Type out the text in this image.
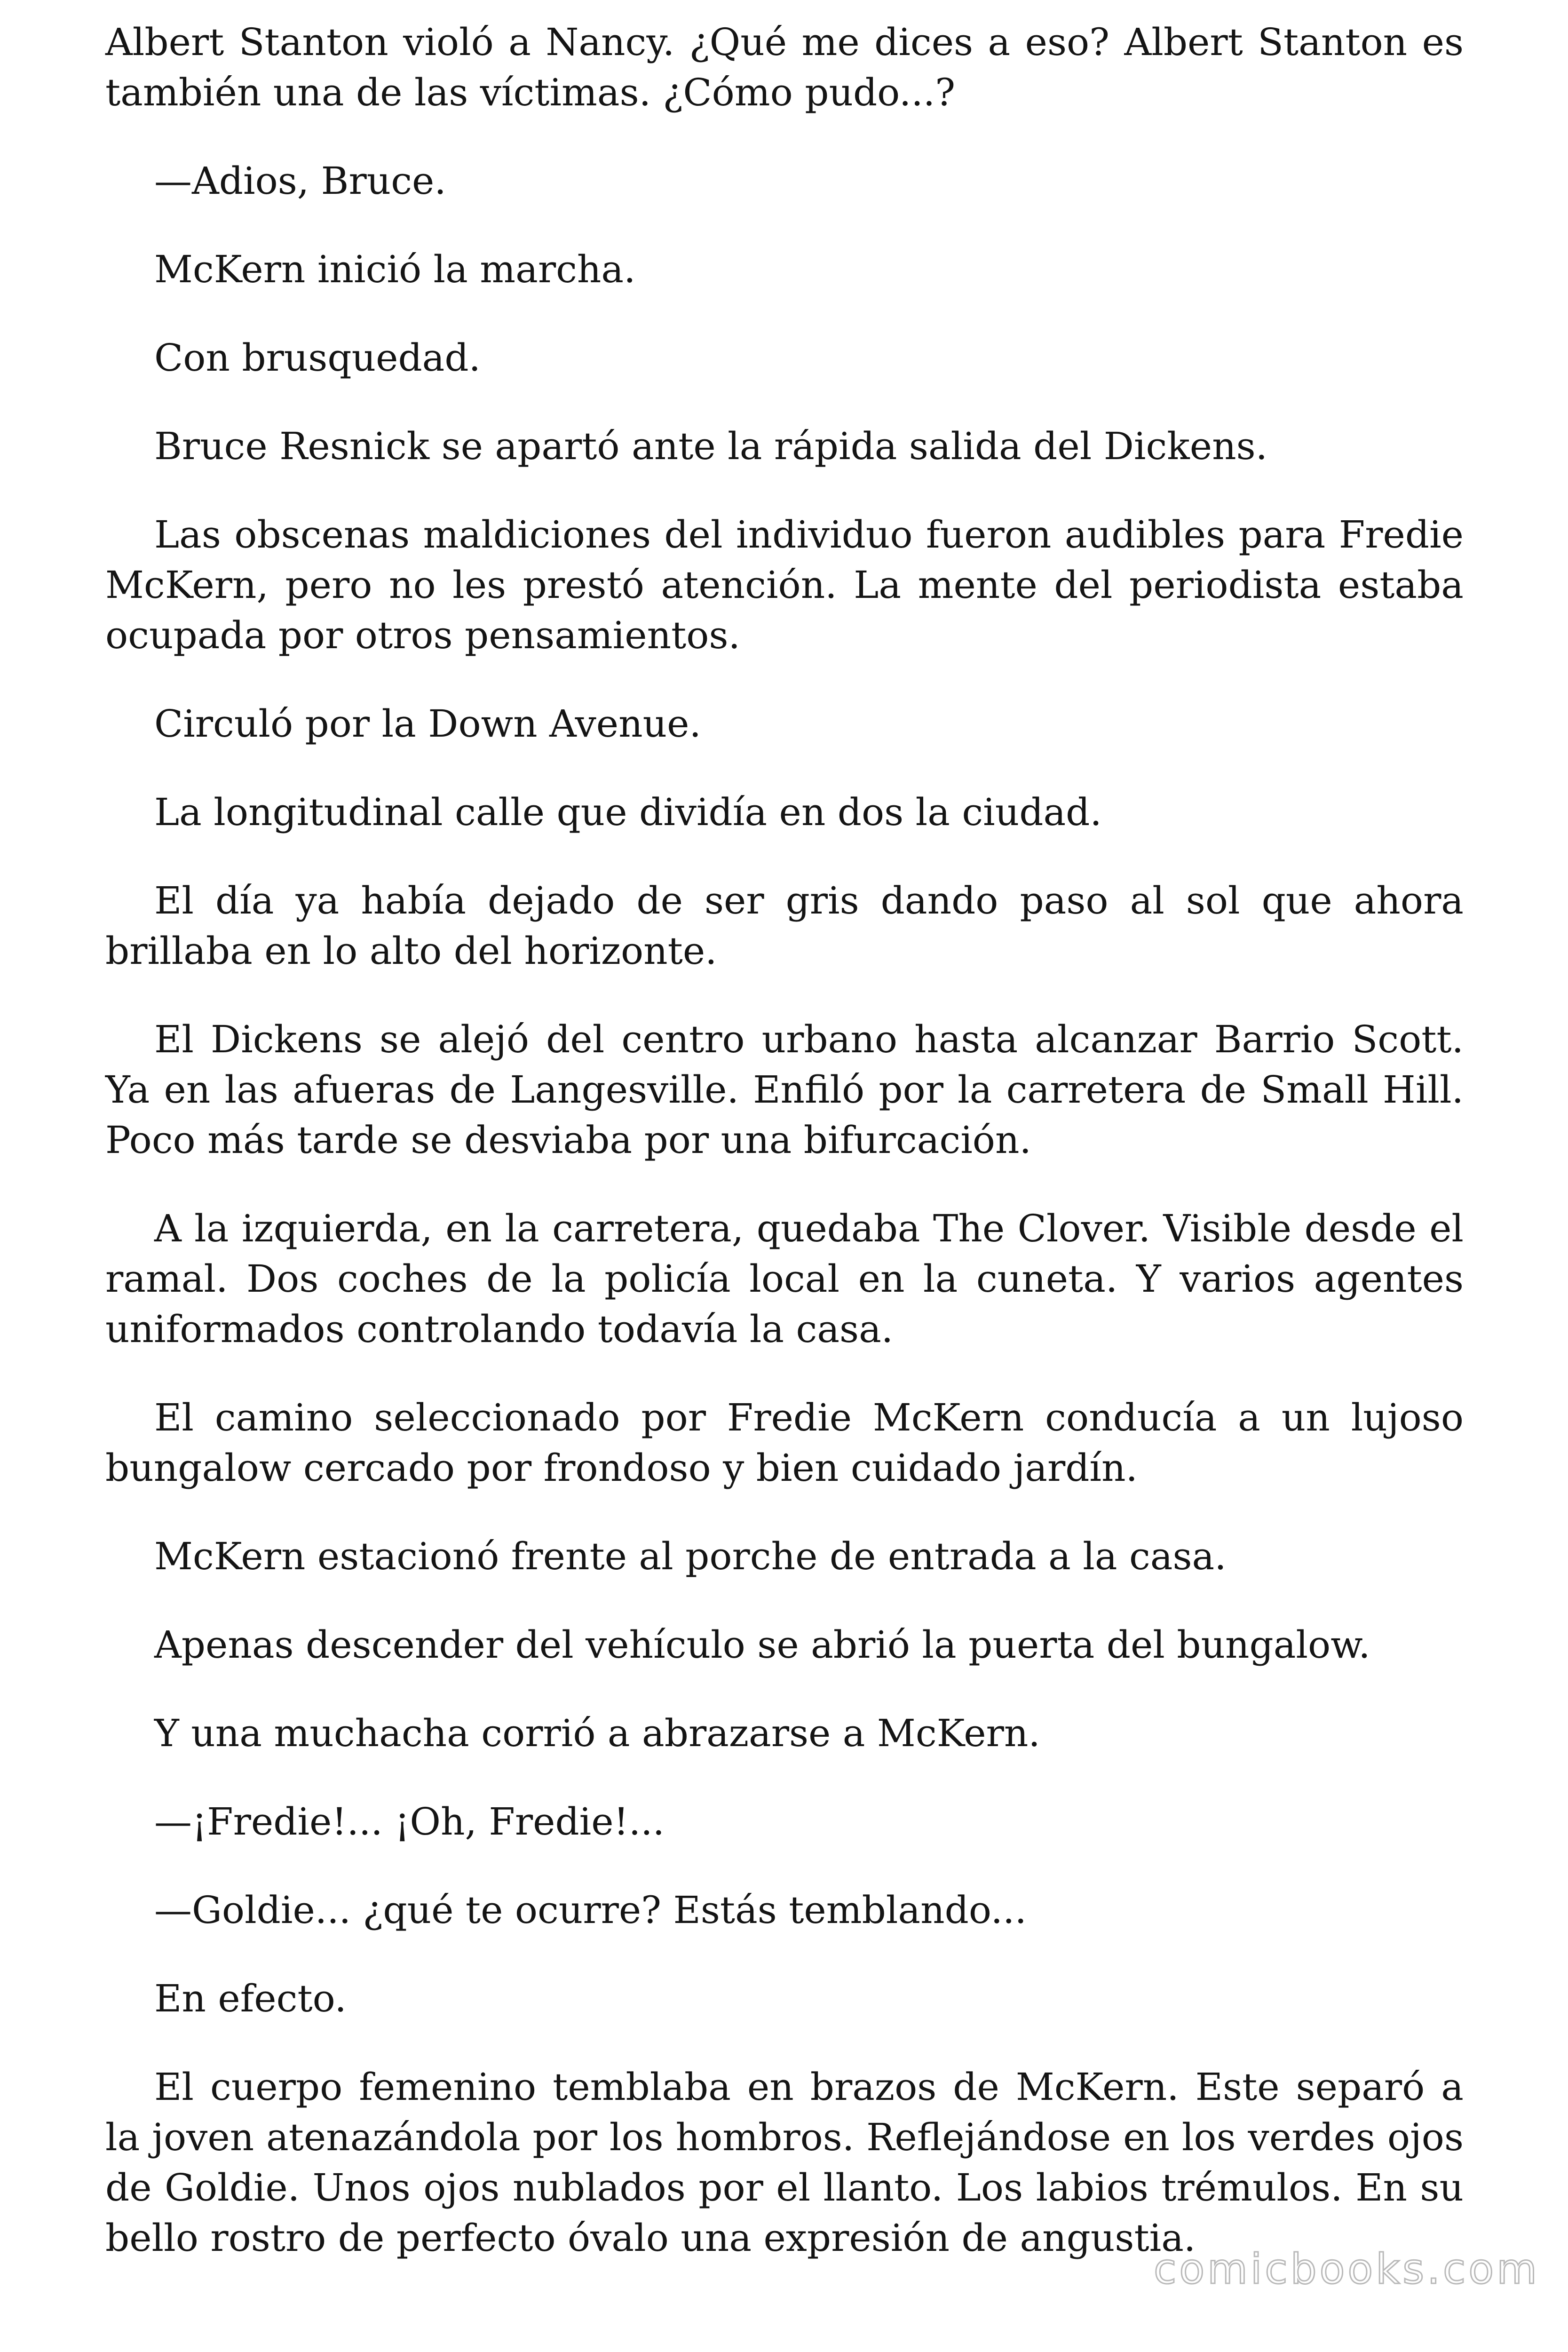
Albert Stanton violó a Nancy. ¿Qué me dices a eso? Albert Stanton es también una de las víctimas. ¿Cómo pudo...?

—Adios, Bruce.

McKern inició la marcha.

Con brusquedad.

Bruce Resnick se apartó ante la rápida salida del Dickens.

Las obscenas maldiciones del individuo fueron audibles para Fredie McKern, pero no les prestó atención. La mente del periodista estaba ocupada por otros pensamientos.

Circuló por la Down Avenue.

La longitudinal calle que dividía en dos la ciudad.

El día ya había dejado de ser gris dando paso al sol que ahora brillaba en lo alto del horizonte.

El Dickens se alejó del centro urbano hasta alcanzar Barrio Scott. Ya en las afueras de Langesville. Enfiló por la carretera de Small Hill. Poco más tarde se desviaba por una bifurcación.

A la izquierda, en la carretera, quedaba The Clover. Visible desde el ramal. Dos coches de la policía local en la cuneta. Y varios agentes uniformados controlando todavía la casa.

El camino seleccionado por Fredie McKern conducía a un lujoso bungalow cercado por frondoso y bien cuidado jardín.

McKern estacionó frente al porche de entrada a la casa.

Apenas descender del vehículo se abrió la puerta del bungalow.

Y una muchacha corrió a abrazarse a McKern.

—¡Fredie!... ¡Oh, Fredie!...

—Goldie... ¿qué te ocurre? Estás temblando...

En efecto.

El cuerpo femenino temblaba en brazos de McKern. Este separó a la joven atenazándola por los hombros. Reflejándose en los verdes ojos de Goldie. Unos ojos nublados por el llanto. Los labios trémulos. En su bello rostro de perfecto óvalo una expresión de angustia.

comicbooks.com
